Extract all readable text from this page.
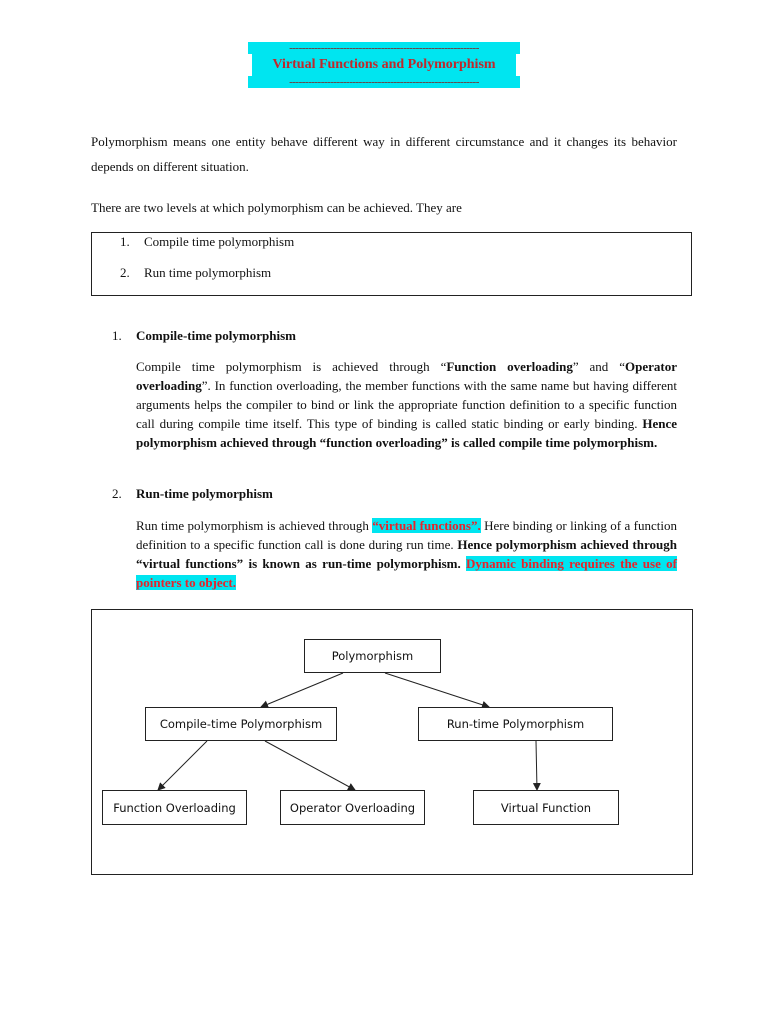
------------------------------------------------------------
Virtual Functions and Polymorphism
------------------------------------------------------------
Polymorphism means one entity behave different way in different circumstance and it changes its behavior depends on different situation.
There are two levels at which polymorphism can be achieved. They are
1. Compile time polymorphism
2. Run time polymorphism
1. Compile-time polymorphism
Compile time polymorphism is achieved through “Function overloading” and “Operator overloading”. In function overloading, the member functions with the same name but having different arguments helps the compiler to bind or link the appropriate function definition to a specific function call during compile time itself. This type of binding is called static binding or early binding. Hence polymorphism achieved through “function overloading” is called compile time polymorphism.
2. Run-time polymorphism
Run time polymorphism is achieved through “virtual functions”. Here binding or linking of a function definition to a specific function call is done during run time. Hence polymorphism achieved through “virtual functions” is known as run-time polymorphism. Dynamic binding requires the use of pointers to object.
Polymorphism
Compile-time Polymorphism	Run-time Polymorphism
Function Overloading	Operator Overloading	Virtual Function
